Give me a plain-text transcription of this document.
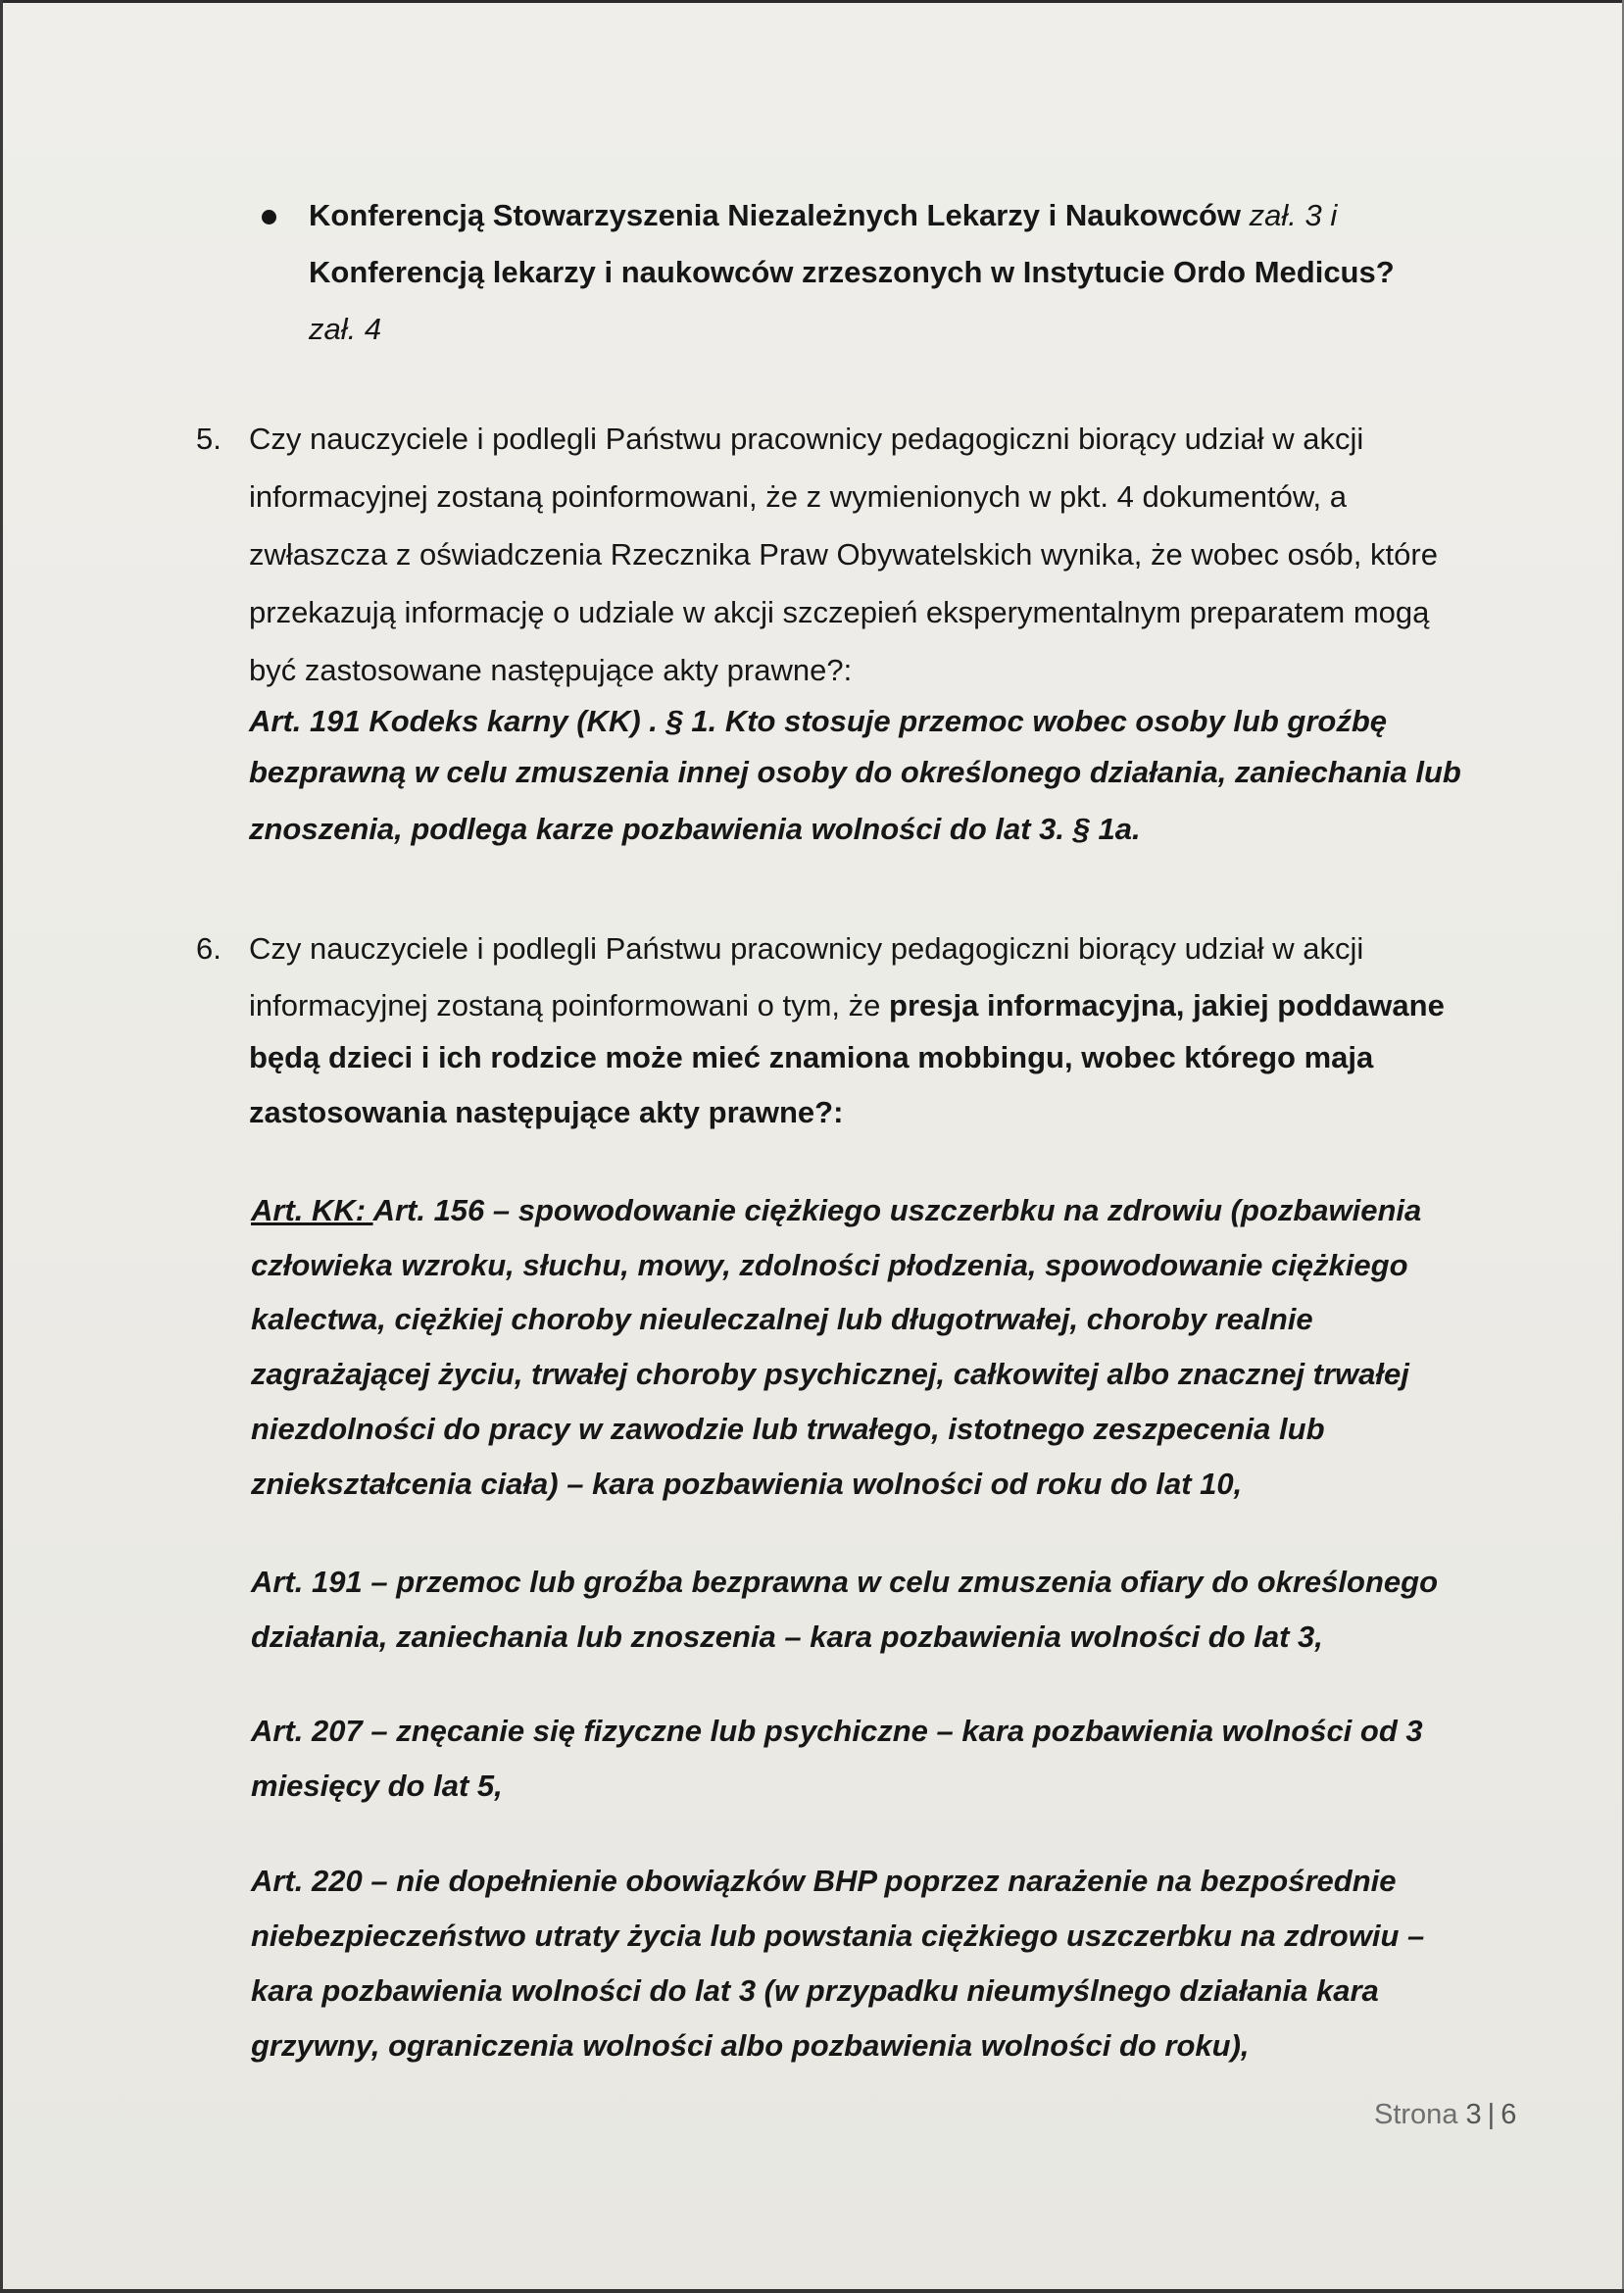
Konferencją Stowarzyszenia Niezależnych Lekarzy i Naukowców zał. 3 i
Konferencją lekarzy i naukowców zrzeszonych w Instytucie Ordo Medicus?
zał. 4
5. Czy nauczyciele i podlegli Państwu pracownicy pedagogiczni biorący udział w akcji
informacyjnej zostaną poinformowani, że z wymienionych w pkt. 4 dokumentów, a
zwłaszcza z oświadczenia Rzecznika Praw Obywatelskich wynika, że wobec osób, które
przekazują informację o udziale w akcji szczepień eksperymentalnym preparatem mogą
być zastosowane następujące akty prawne?:
Art. 191 Kodeks karny (KK) . § 1. Kto stosuje przemoc wobec osoby lub groźbę
bezprawną w celu zmuszenia innej osoby do określonego działania, zaniechania lub
znoszenia, podlega karze pozbawienia wolności do lat 3. § 1a.
6. Czy nauczyciele i podlegli Państwu pracownicy pedagogiczni biorący udział w akcji
informacyjnej zostaną poinformowani o tym, że presja informacyjna, jakiej poddawane
będą dzieci i ich rodzice może mieć znamiona mobbingu, wobec którego maja
zastosowania następujące akty prawne?:
Art. KK: Art. 156 – spowodowanie ciężkiego uszczerbku na zdrowiu (pozbawienia
człowieka wzroku, słuchu, mowy, zdolności płodzenia, spowodowanie ciężkiego
kalectwa, ciężkiej choroby nieuleczalnej lub długotrwałej, choroby realnie
zagrażającej życiu, trwałej choroby psychicznej, całkowitej albo znacznej trwałej
niezdolności do pracy w zawodzie lub trwałego, istotnego zeszpecenia lub
zniekształcenia ciała) – kara pozbawienia wolności od roku do lat 10,
Art. 191 – przemoc lub groźba bezprawna w celu zmuszenia ofiary do określonego
działania, zaniechania lub znoszenia – kara pozbawienia wolności do lat 3,
Art. 207 – znęcanie się fizyczne lub psychiczne – kara pozbawienia wolności od 3
miesięcy do lat 5,
Art. 220 – nie dopełnienie obowiązków BHP poprzez narażenie na bezpośrednie
niebezpieczeństwo utraty życia lub powstania ciężkiego uszczerbku na zdrowiu –
kara pozbawienia wolności do lat 3 (w przypadku nieumyślnego działania kara
grzywny, ograniczenia wolności albo pozbawienia wolności do roku),
Strona 3 | 6
